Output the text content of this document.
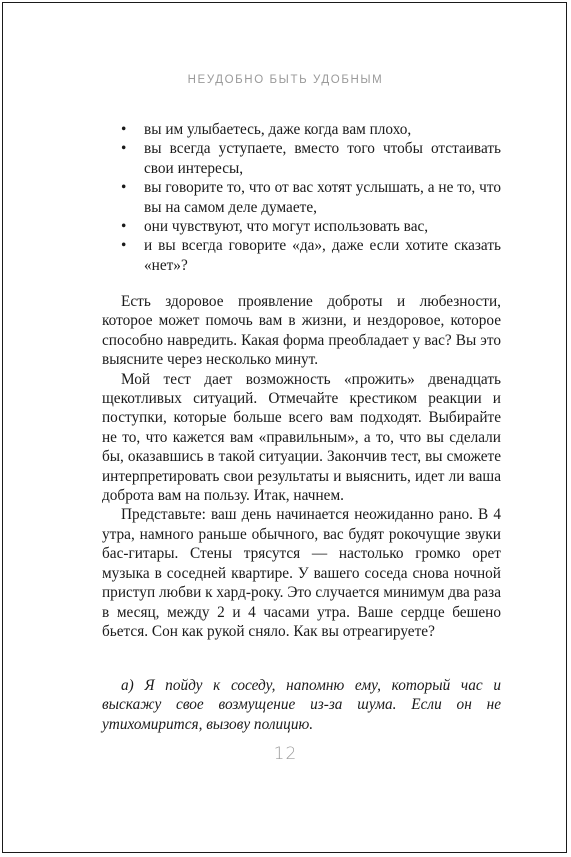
НЕУДОБНО БЫТЬ УДОБНЫМ
• вы им улыбаетесь, даже когда вам плохо,
• вы всегда уступаете, вместо того чтобы отстаивать свои интересы,
• вы говорите то, что от вас хотят услышать, а не то, что вы на самом деле думаете,
• они чувствуют, что могут использовать вас,
• и вы всегда говорите «да», даже если хотите сказать «нет»?

Есть здоровое проявление доброты и любезности, которое может помочь вам в жизни, и нездоровое, которое способно навредить. Какая форма преобладает у вас? Вы это выясните через несколько минут.

Мой тест дает возможность «прожить» двенадцать щекотливых ситуаций. Отмечайте крестиком реакции и поступки, которые больше всего вам подходят. Выбирайте не то, что кажется вам «правильным», а то, что вы сделали бы, оказавшись в такой ситуации. Закончив тест, вы сможете интерпретировать свои результаты и выяснить, идет ли ваша доброта вам на пользу. Итак, начнем.

Представьте: ваш день начинается неожиданно рано. В 4 утра, намного раньше обычного, вас будят рокочущие звуки бас-гитары. Стены трясутся — настолько громко орет музыка в соседней квартире. У вашего соседа снова ночной приступ любви к хард-року. Это случается минимум два раза в месяц, между 2 и 4 часами утра. Ваше сердце бешено бьется. Сон как рукой сняло. Как вы отреагируете?

а) Я пойду к соседу, напомню ему, который час и выскажу свое возмущение из-за шума. Если он не утихомирится, вызову полицию.

12
